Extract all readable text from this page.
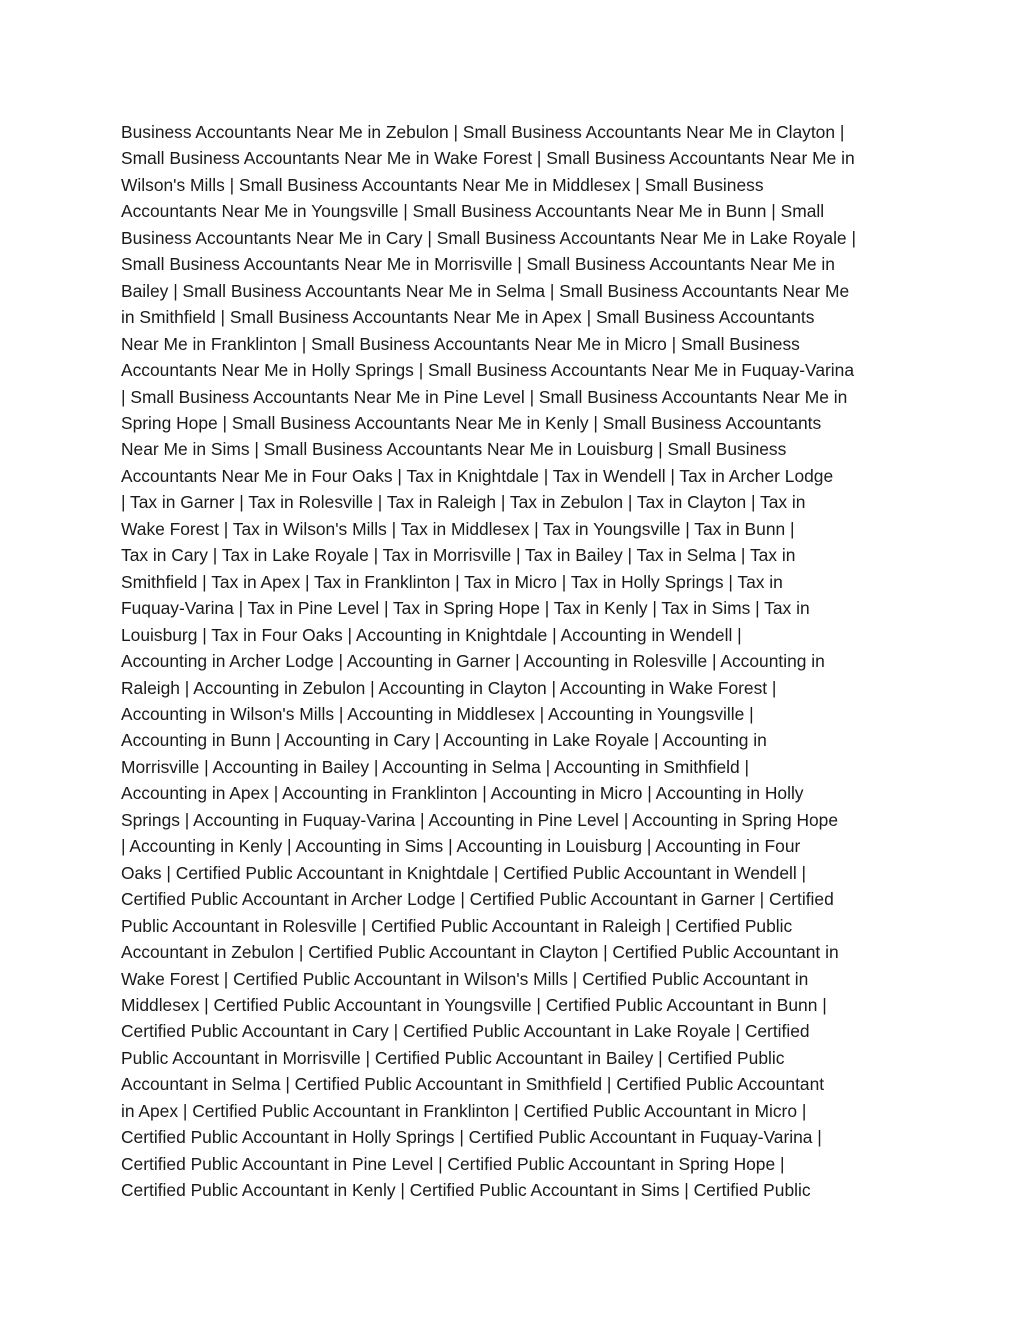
Business Accountants Near Me in Zebulon | Small Business Accountants Near Me in Clayton |
Small Business Accountants Near Me in Wake Forest | Small Business Accountants Near Me in
Wilson's Mills | Small Business Accountants Near Me in Middlesex | Small Business
Accountants Near Me in Youngsville | Small Business Accountants Near Me in Bunn | Small
Business Accountants Near Me in Cary | Small Business Accountants Near Me in Lake Royale |
Small Business Accountants Near Me in Morrisville | Small Business Accountants Near Me in
Bailey | Small Business Accountants Near Me in Selma | Small Business Accountants Near Me
in Smithfield | Small Business Accountants Near Me in Apex | Small Business Accountants
Near Me in Franklinton | Small Business Accountants Near Me in Micro | Small Business
Accountants Near Me in Holly Springs | Small Business Accountants Near Me in Fuquay-Varina
| Small Business Accountants Near Me in Pine Level | Small Business Accountants Near Me in
Spring Hope | Small Business Accountants Near Me in Kenly | Small Business Accountants
Near Me in Sims | Small Business Accountants Near Me in Louisburg | Small Business
Accountants Near Me in Four Oaks | Tax in Knightdale | Tax in Wendell | Tax in Archer Lodge
| Tax in Garner | Tax in Rolesville | Tax in Raleigh | Tax in Zebulon | Tax in Clayton | Tax in
Wake Forest | Tax in Wilson's Mills | Tax in Middlesex | Tax in Youngsville | Tax in Bunn |
Tax in Cary | Tax in Lake Royale | Tax in Morrisville | Tax in Bailey | Tax in Selma | Tax in
Smithfield | Tax in Apex | Tax in Franklinton | Tax in Micro | Tax in Holly Springs | Tax in
Fuquay-Varina | Tax in Pine Level | Tax in Spring Hope | Tax in Kenly | Tax in Sims | Tax in
Louisburg | Tax in Four Oaks | Accounting in Knightdale | Accounting in Wendell |
Accounting in Archer Lodge | Accounting in Garner | Accounting in Rolesville | Accounting in
Raleigh | Accounting in Zebulon | Accounting in Clayton | Accounting in Wake Forest |
Accounting in Wilson's Mills | Accounting in Middlesex | Accounting in Youngsville |
Accounting in Bunn | Accounting in Cary | Accounting in Lake Royale | Accounting in
Morrisville | Accounting in Bailey | Accounting in Selma | Accounting in Smithfield |
Accounting in Apex | Accounting in Franklinton | Accounting in Micro | Accounting in Holly
Springs | Accounting in Fuquay-Varina | Accounting in Pine Level | Accounting in Spring Hope
| Accounting in Kenly | Accounting in Sims | Accounting in Louisburg | Accounting in Four
Oaks | Certified Public Accountant in Knightdale | Certified Public Accountant in Wendell |
Certified Public Accountant in Archer Lodge | Certified Public Accountant in Garner | Certified
Public Accountant in Rolesville | Certified Public Accountant in Raleigh | Certified Public
Accountant in Zebulon | Certified Public Accountant in Clayton | Certified Public Accountant in
Wake Forest | Certified Public Accountant in Wilson's Mills | Certified Public Accountant in
Middlesex | Certified Public Accountant in Youngsville | Certified Public Accountant in Bunn |
Certified Public Accountant in Cary | Certified Public Accountant in Lake Royale | Certified
Public Accountant in Morrisville | Certified Public Accountant in Bailey | Certified Public
Accountant in Selma | Certified Public Accountant in Smithfield | Certified Public Accountant
in Apex | Certified Public Accountant in Franklinton | Certified Public Accountant in Micro |
Certified Public Accountant in Holly Springs | Certified Public Accountant in Fuquay-Varina |
Certified Public Accountant in Pine Level | Certified Public Accountant in Spring Hope |
Certified Public Accountant in Kenly | Certified Public Accountant in Sims | Certified Public
